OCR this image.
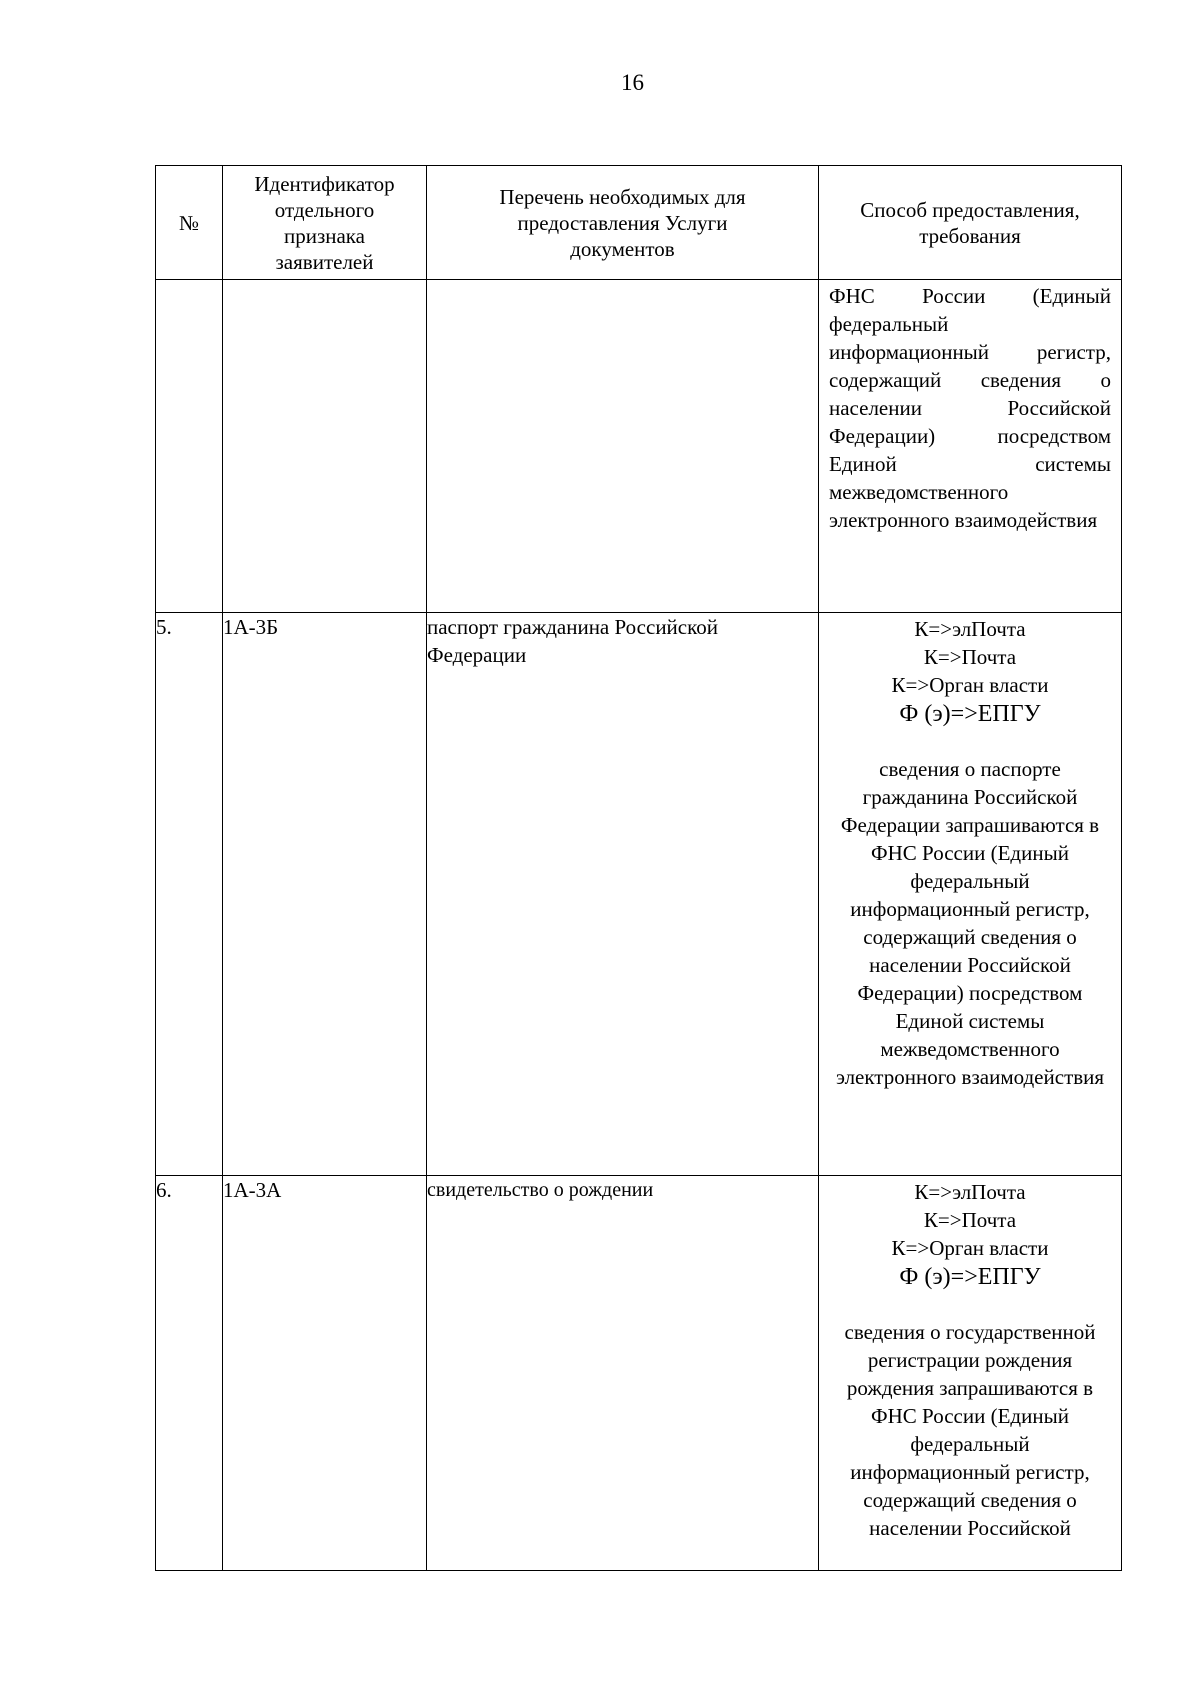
16
№	Идентификатор отдельного признака заявителей	Перечень необходимых для предоставления Услуги документов	Способ предоставления, требования

			ФНС России (Единый федеральный информационный регистр, содержащий сведения о населении Российской Федерации) посредством Единой системы межведомственного электронного взаимодействия

5.	1А-3Б	паспорт гражданина Российской Федерации	К=>элПочта
К=>Почта
К=>Орган власти
Ф (э)=>ЕПГУ
сведения о паспорте гражданина Российской Федерации запрашиваются в ФНС России (Единый федеральный информационный регистр, содержащий сведения о населении Российской Федерации) посредством Единой системы межведомственного электронного взаимодействия

6.	1А-3А	свидетельство о рождении	К=>элПочта
К=>Почта
К=>Орган власти
Ф (э)=>ЕПГУ
сведения о государственной регистрации рождения рождения запрашиваются в ФНС России (Единый федеральный информационный регистр, содержащий сведения о населении Российской
